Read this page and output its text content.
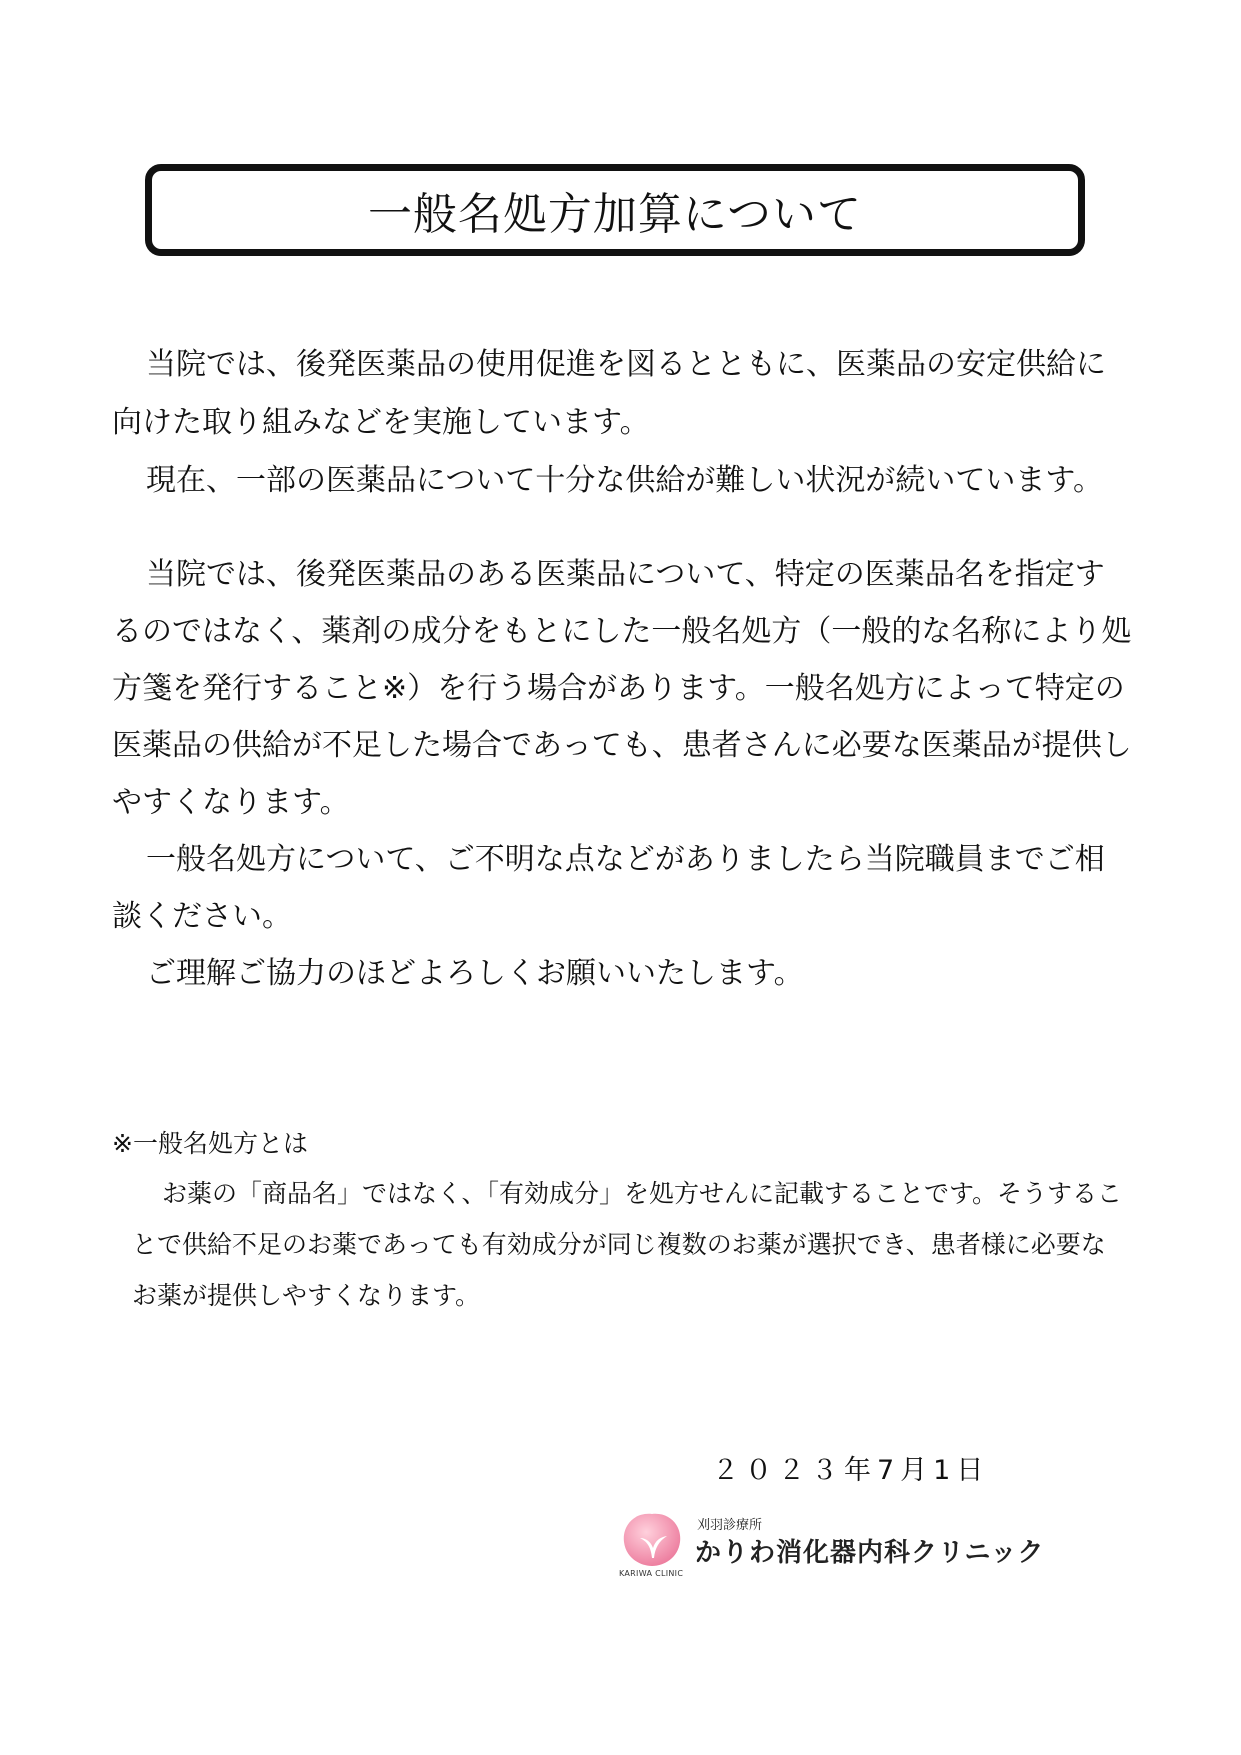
一般名処方加算について

当院では、後発医薬品の使用促進を図るとともに、医薬品の安定供給に向けた取り組みなどを実施しています。

現在、一部の医薬品について十分な供給が難しい状況が続いています。

当院では、後発医薬品のある医薬品について、特定の医薬品名を指定するのではなく、薬剤の成分をもとにした一般名処方（一般的な名称により処方箋を発行すること※）を行う場合があります。一般名処方によって特定の医薬品の供給が不足した場合であっても、患者さんに必要な医薬品が提供しやすくなります。

一般名処方について、ご不明な点などがありましたら当院職員までご相談ください。

ご理解ご協力のほどよろしくお願いいたします。

※一般名処方とは

お薬の「商品名」ではなく、「有効成分」を処方せんに記載することです。そうすることで供給不足のお薬であっても有効成分が同じ複数のお薬が選択でき、患者様に必要なお薬が提供しやすくなります。

２０２３年7月1日
KARIWA CLINIC
刈羽診療所
かりわ消化器内科クリニック
